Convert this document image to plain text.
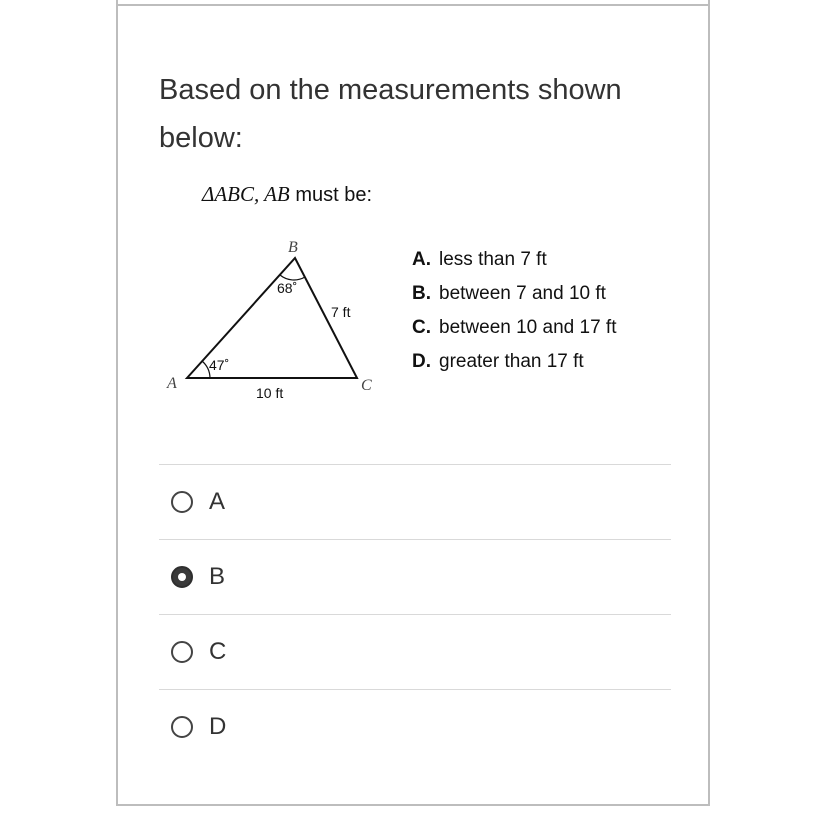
Based on the measurements shown below:
ΔABC, AB must be:
A
B
C
47˚
68˚
7 ft
10 ft
A. less than 7 ft
B. between 7 and 10 ft
C. between 10 and 17 ft
D. greater than 17 ft
A
B
C
D
